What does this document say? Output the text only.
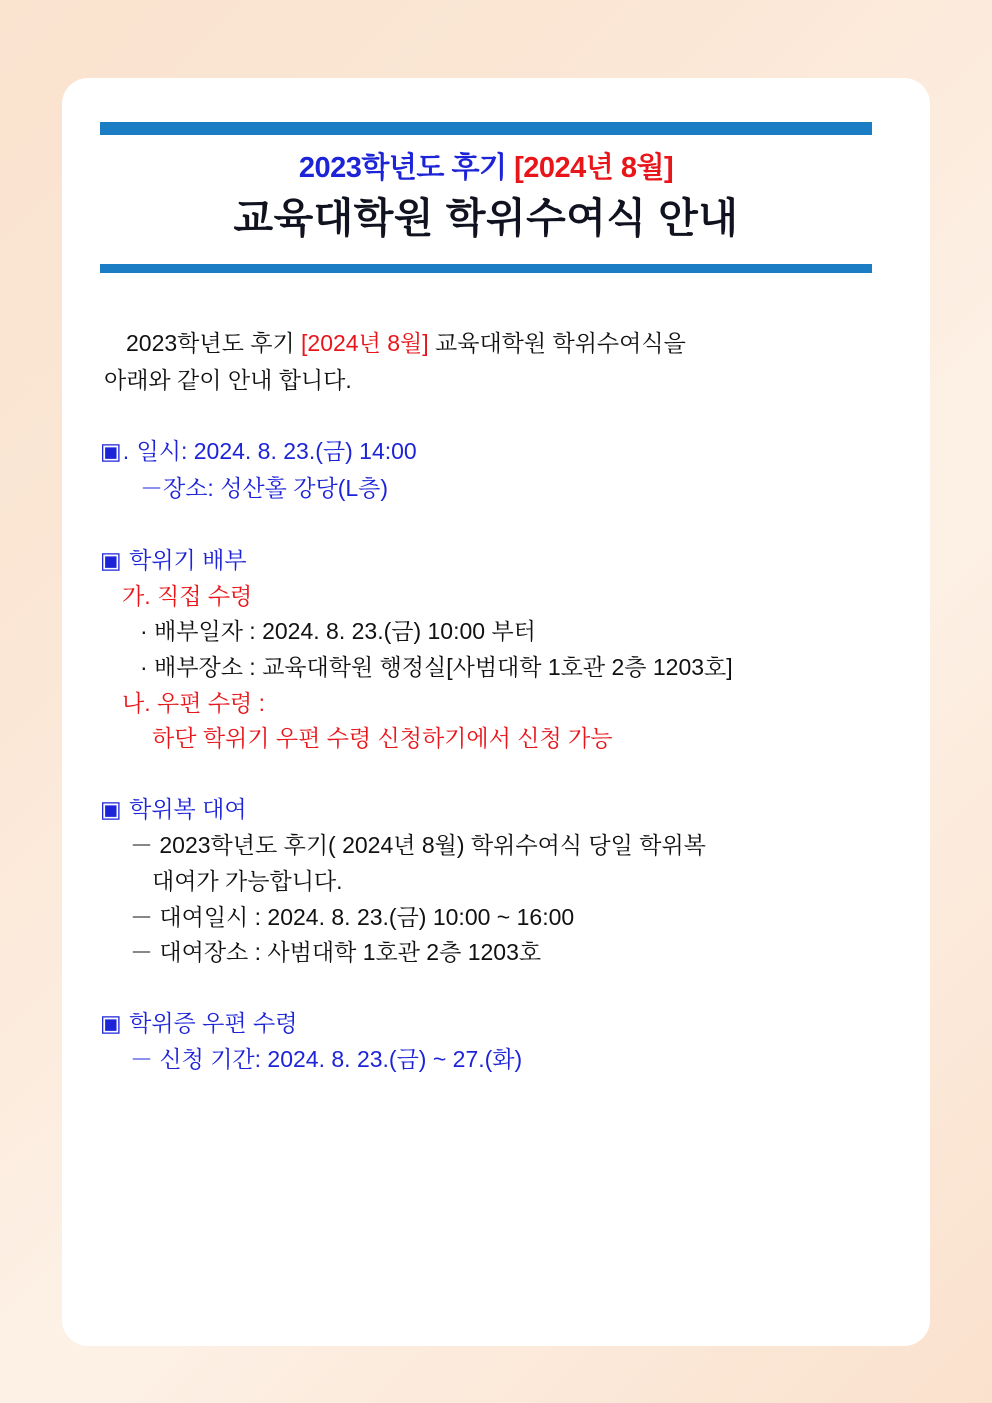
2023학년도 후기 [2024년 8월]
교육대학원 학위수여식 안내

2023학년도 후기 [2024년 8월] 교육대학원 학위수여식을

아래와 같이 안내 합니다.

▣. 일시: 2024. 8. 23.(금) 14:00
－장소: 성산홀 강당(L층)
▣ 학위기 배부
가. 직접 수령
· 배부일자 : 2024. 8. 23.(금) 10:00 부터
· 배부장소 : 교육대학원 행정실[사범대학 1호관 2층 1203호]
나. 우편 수령 :
하단 학위기 우편 수령 신청하기에서 신청 가능
▣ 학위복 대여
－ 2023학년도 후기( 2024년 8월) 학위수여식 당일 학위복
대여가 가능합니다.
－ 대여일시 : 2024. 8. 23.(금) 10:00 ~ 16:00
－ 대여장소 : 사범대학 1호관 2층 1203호
▣ 학위증 우편 수령
－ 신청 기간: 2024. 8. 23.(금) ~ 27.(화)
